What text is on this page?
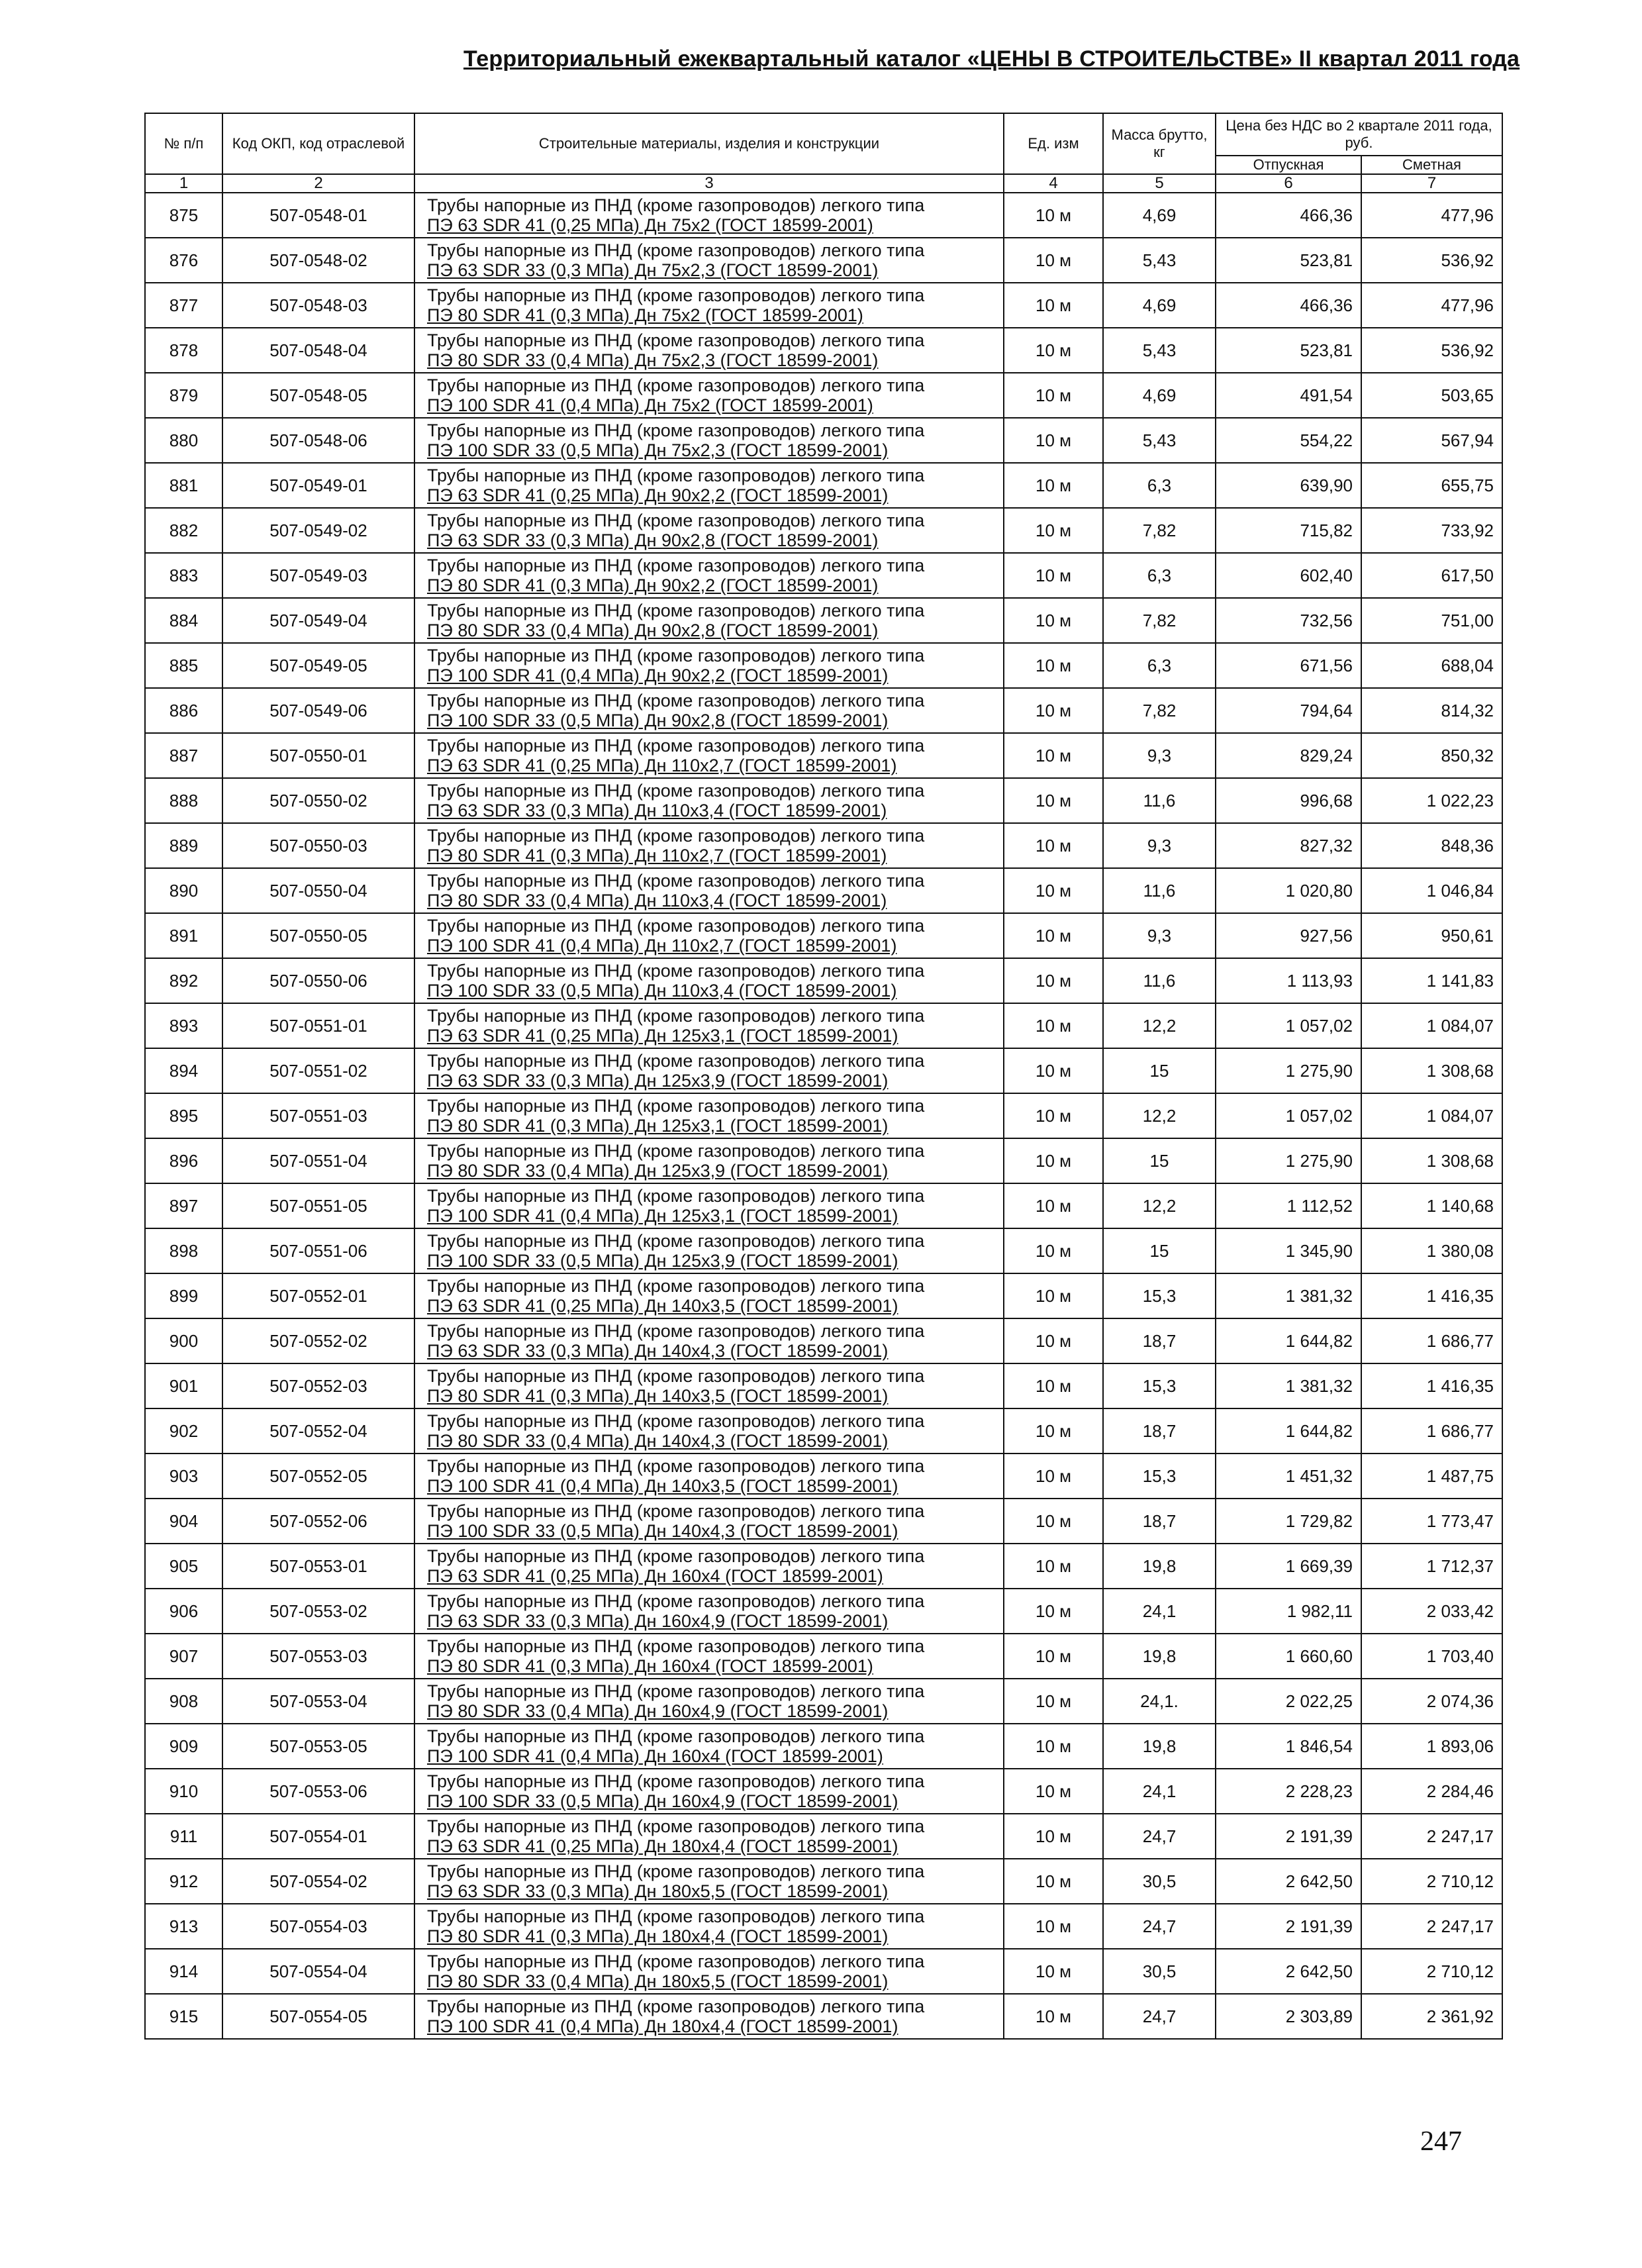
Территориальный ежеквартальный каталог «ЦЕНЫ В СТРОИТЕЛЬСТВЕ» II квартал 2011 года
№ п/п	Код ОКП, код отраслевой	Строительные материалы, изделия и конструкции	Ед. изм	Масса брутто, кг	Цена без НДС во 2 квартале 2011 года, руб.	
					Отпускная	Сметная
1	2	3	4	5	6	7
875	507-0548-01	Трубы напорные из ПНД (кроме газопроводов) легкого типа
ПЭ 63 SDR 41 (0,25 МПа) Дн 75х2 (ГОСТ 18599-2001)	10 м	4,69	466,36	477,96
876	507-0548-02	Трубы напорные из ПНД (кроме газопроводов) легкого типа
ПЭ 63 SDR 33 (0,3 МПа) Дн 75х2,3 (ГОСТ 18599-2001)	10 м	5,43	523,81	536,92
877	507-0548-03	Трубы напорные из ПНД (кроме газопроводов) легкого типа
ПЭ 80 SDR 41 (0,3 МПа) Дн 75х2 (ГОСТ 18599-2001)	10 м	4,69	466,36	477,96
878	507-0548-04	Трубы напорные из ПНД (кроме газопроводов) легкого типа
ПЭ 80 SDR 33 (0,4 МПа) Дн 75х2,3 (ГОСТ 18599-2001)	10 м	5,43	523,81	536,92
879	507-0548-05	Трубы напорные из ПНД (кроме газопроводов) легкого типа
ПЭ 100 SDR 41 (0,4 МПа) Дн 75х2 (ГОСТ 18599-2001)	10 м	4,69	491,54	503,65
880	507-0548-06	Трубы напорные из ПНД (кроме газопроводов) легкого типа
ПЭ 100 SDR 33 (0,5 МПа) Дн 75х2,3 (ГОСТ 18599-2001)	10 м	5,43	554,22	567,94
881	507-0549-01	Трубы напорные из ПНД (кроме газопроводов) легкого типа
ПЭ 63 SDR 41 (0,25 МПа) Дн 90х2,2 (ГОСТ 18599-2001)	10 м	6,3	639,90	655,75
882	507-0549-02	Трубы напорные из ПНД (кроме газопроводов) легкого типа
ПЭ 63 SDR 33 (0,3 МПа) Дн 90х2,8 (ГОСТ 18599-2001)	10 м	7,82	715,82	733,92
883	507-0549-03	Трубы напорные из ПНД (кроме газопроводов) легкого типа
ПЭ 80 SDR 41 (0,3 МПа) Дн 90х2,2 (ГОСТ 18599-2001)	10 м	6,3	602,40	617,50
884	507-0549-04	Трубы напорные из ПНД (кроме газопроводов) легкого типа
ПЭ 80 SDR 33 (0,4 МПа) Дн 90х2,8 (ГОСТ 18599-2001)	10 м	7,82	732,56	751,00
885	507-0549-05	Трубы напорные из ПНД (кроме газопроводов) легкого типа
ПЭ 100 SDR 41 (0,4 МПа) Дн 90х2,2 (ГОСТ 18599-2001)	10 м	6,3	671,56	688,04
886	507-0549-06	Трубы напорные из ПНД (кроме газопроводов) легкого типа
ПЭ 100 SDR 33 (0,5 МПа) Дн 90х2,8 (ГОСТ 18599-2001)	10 м	7,82	794,64	814,32
887	507-0550-01	Трубы напорные из ПНД (кроме газопроводов) легкого типа
ПЭ 63 SDR 41 (0,25 МПа) Дн 110х2,7 (ГОСТ 18599-2001)	10 м	9,3	829,24	850,32
888	507-0550-02	Трубы напорные из ПНД (кроме газопроводов) легкого типа
ПЭ 63 SDR 33 (0,3 МПа) Дн 110х3,4 (ГОСТ 18599-2001)	10 м	11,6	996,68	1 022,23
889	507-0550-03	Трубы напорные из ПНД (кроме газопроводов) легкого типа
ПЭ 80 SDR 41 (0,3 МПа) Дн 110х2,7 (ГОСТ 18599-2001)	10 м	9,3	827,32	848,36
890	507-0550-04	Трубы напорные из ПНД (кроме газопроводов) легкого типа
ПЭ 80 SDR 33 (0,4 МПа) Дн 110х3,4 (ГОСТ 18599-2001)	10 м	11,6	1 020,80	1 046,84
891	507-0550-05	Трубы напорные из ПНД (кроме газопроводов) легкого типа
ПЭ 100 SDR 41 (0,4 МПа) Дн 110х2,7 (ГОСТ 18599-2001)	10 м	9,3	927,56	950,61
892	507-0550-06	Трубы напорные из ПНД (кроме газопроводов) легкого типа
ПЭ 100 SDR 33 (0,5 МПа) Дн 110х3,4 (ГОСТ 18599-2001)	10 м	11,6	1 113,93	1 141,83
893	507-0551-01	Трубы напорные из ПНД (кроме газопроводов) легкого типа
ПЭ 63 SDR 41 (0,25 МПа) Дн 125х3,1 (ГОСТ 18599-2001)	10 м	12,2	1 057,02	1 084,07
894	507-0551-02	Трубы напорные из ПНД (кроме газопроводов) легкого типа
ПЭ 63 SDR 33 (0,3 МПа) Дн 125х3,9 (ГОСТ 18599-2001)	10 м	15	1 275,90	1 308,68
895	507-0551-03	Трубы напорные из ПНД (кроме газопроводов) легкого типа
ПЭ 80 SDR 41 (0,3 МПа) Дн 125х3,1 (ГОСТ 18599-2001)	10 м	12,2	1 057,02	1 084,07
896	507-0551-04	Трубы напорные из ПНД (кроме газопроводов) легкого типа
ПЭ 80 SDR 33 (0,4 МПа) Дн 125х3,9 (ГОСТ 18599-2001)	10 м	15	1 275,90	1 308,68
897	507-0551-05	Трубы напорные из ПНД (кроме газопроводов) легкого типа
ПЭ 100 SDR 41 (0,4 МПа) Дн 125х3,1 (ГОСТ 18599-2001)	10 м	12,2	1 112,52	1 140,68
898	507-0551-06	Трубы напорные из ПНД (кроме газопроводов) легкого типа
ПЭ 100 SDR 33 (0,5 МПа) Дн 125х3,9 (ГОСТ 18599-2001)	10 м	15	1 345,90	1 380,08
899	507-0552-01	Трубы напорные из ПНД (кроме газопроводов) легкого типа
ПЭ 63 SDR 41 (0,25 МПа) Дн 140х3,5 (ГОСТ 18599-2001)	10 м	15,3	1 381,32	1 416,35
900	507-0552-02	Трубы напорные из ПНД (кроме газопроводов) легкого типа
ПЭ 63 SDR 33 (0,3 МПа) Дн 140х4,3 (ГОСТ 18599-2001)	10 м	18,7	1 644,82	1 686,77
901	507-0552-03	Трубы напорные из ПНД (кроме газопроводов) легкого типа
ПЭ 80 SDR 41 (0,3 МПа) Дн 140х3,5 (ГОСТ 18599-2001)	10 м	15,3	1 381,32	1 416,35
902	507-0552-04	Трубы напорные из ПНД (кроме газопроводов) легкого типа
ПЭ 80 SDR 33 (0,4 МПа) Дн 140х4,3 (ГОСТ 18599-2001)	10 м	18,7	1 644,82	1 686,77
903	507-0552-05	Трубы напорные из ПНД (кроме газопроводов) легкого типа
ПЭ 100 SDR 41 (0,4 МПа) Дн 140х3,5 (ГОСТ 18599-2001)	10 м	15,3	1 451,32	1 487,75
904	507-0552-06	Трубы напорные из ПНД (кроме газопроводов) легкого типа
ПЭ 100 SDR 33 (0,5 МПа) Дн 140х4,3 (ГОСТ 18599-2001)	10 м	18,7	1 729,82	1 773,47
905	507-0553-01	Трубы напорные из ПНД (кроме газопроводов) легкого типа
ПЭ 63 SDR 41 (0,25 МПа) Дн 160х4 (ГОСТ 18599-2001)	10 м	19,8	1 669,39	1 712,37
906	507-0553-02	Трубы напорные из ПНД (кроме газопроводов) легкого типа
ПЭ 63 SDR 33 (0,3 МПа) Дн 160х4,9 (ГОСТ 18599-2001)	10 м	24,1	1 982,11	2 033,42
907	507-0553-03	Трубы напорные из ПНД (кроме газопроводов) легкого типа
ПЭ 80 SDR 41 (0,3 МПа) Дн 160х4 (ГОСТ 18599-2001)	10 м	19,8	1 660,60	1 703,40
908	507-0553-04	Трубы напорные из ПНД (кроме газопроводов) легкого типа
ПЭ 80 SDR 33 (0,4 МПа) Дн 160х4,9 (ГОСТ 18599-2001)	10 м	24,1.	2 022,25	2 074,36
909	507-0553-05	Трубы напорные из ПНД (кроме газопроводов) легкого типа
ПЭ 100 SDR 41 (0,4 МПа) Дн 160х4 (ГОСТ 18599-2001)	10 м	19,8	1 846,54	1 893,06
910	507-0553-06	Трубы напорные из ПНД (кроме газопроводов) легкого типа
ПЭ 100 SDR 33 (0,5 МПа) Дн 160х4,9 (ГОСТ 18599-2001)	10 м	24,1	2 228,23	2 284,46
911	507-0554-01	Трубы напорные из ПНД (кроме газопроводов) легкого типа
ПЭ 63 SDR 41 (0,25 МПа) Дн 180х4,4 (ГОСТ 18599-2001)	10 м	24,7	2 191,39	2 247,17
912	507-0554-02	Трубы напорные из ПНД (кроме газопроводов) легкого типа
ПЭ 63 SDR 33 (0,3 МПа) Дн 180х5,5 (ГОСТ 18599-2001)	10 м	30,5	2 642,50	2 710,12
913	507-0554-03	Трубы напорные из ПНД (кроме газопроводов) легкого типа
ПЭ 80 SDR 41 (0,3 МПа) Дн 180х4,4 (ГОСТ 18599-2001)	10 м	24,7	2 191,39	2 247,17
914	507-0554-04	Трубы напорные из ПНД (кроме газопроводов) легкого типа
ПЭ 80 SDR 33 (0,4 МПа) Дн 180х5,5 (ГОСТ 18599-2001)	10 м	30,5	2 642,50	2 710,12
915	507-0554-05	Трубы напорные из ПНД (кроме газопроводов) легкого типа
ПЭ 100 SDR 41 (0,4 МПа) Дн 180х4,4 (ГОСТ 18599-2001)	10 м	24,7	2 303,89	2 361,92
247
